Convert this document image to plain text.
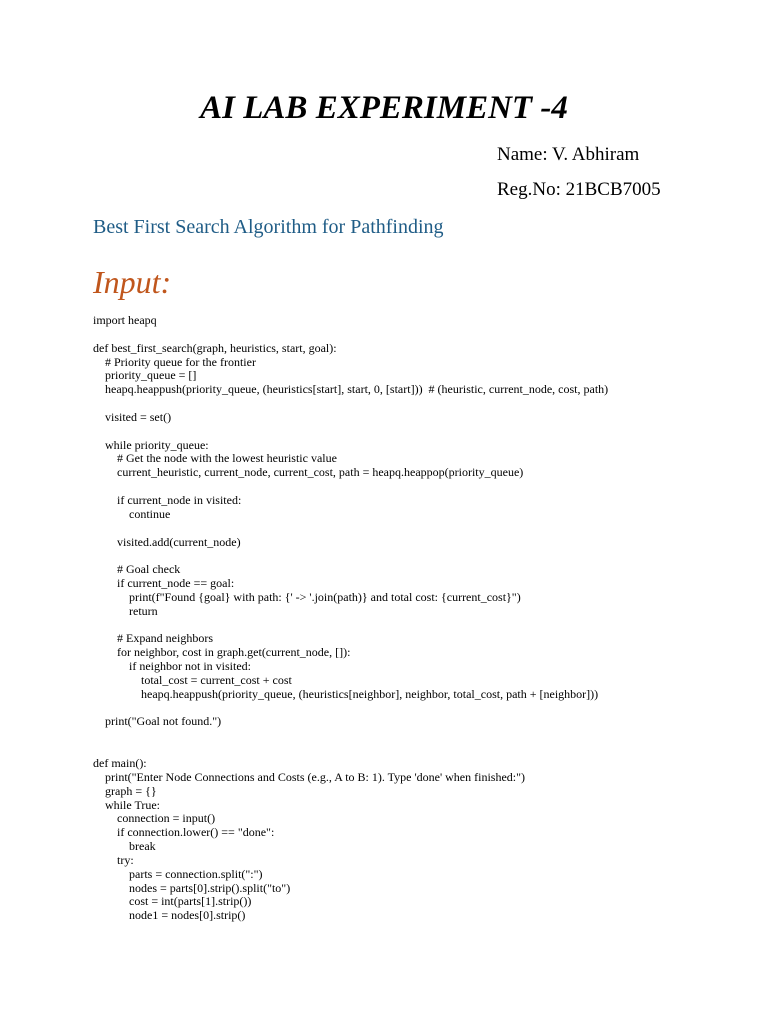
AI LAB EXPERIMENT -4
Name: V. Abhiram
Reg.No: 21BCB7005
Best First Search Algorithm for Pathfinding
Input:
import heapq
def best_first_search(graph, heuristics, start, goal):
# Priority queue for the frontier
priority_queue = []
heapq.heappush(priority_queue, (heuristics[start], start, 0, [start]))  # (heuristic, current_node, cost, path)
visited = set()
while priority_queue:
# Get the node with the lowest heuristic value
current_heuristic, current_node, current_cost, path = heapq.heappop(priority_queue)
if current_node in visited:
continue
visited.add(current_node)
# Goal check
if current_node == goal:
print(f"Found {goal} with path: {' -> '.join(path)} and total cost: {current_cost}")
return
# Expand neighbors
for neighbor, cost in graph.get(current_node, []):
if neighbor not in visited:
total_cost = current_cost + cost
heapq.heappush(priority_queue, (heuristics[neighbor], neighbor, total_cost, path + [neighbor]))
print("Goal not found.")
def main():
print("Enter Node Connections and Costs (e.g., A to B: 1). Type 'done' when finished:")
graph = {}
while True:
connection = input()
if connection.lower() == "done":
break
try:
parts = connection.split(":")
nodes = parts[0].strip().split("to")
cost = int(parts[1].strip())
node1 = nodes[0].strip()
